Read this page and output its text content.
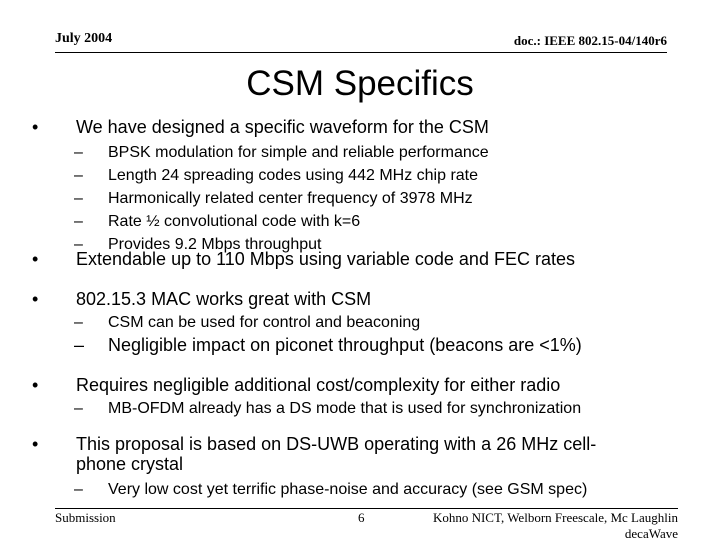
July 2004	doc.: IEEE 802.15-04/140r6
CSM Specifics
•	We have designed a specific waveform for the CSM
–	BPSK modulation for simple and reliable performance
–	Length 24 spreading codes using 442 MHz chip rate
–	Harmonically related center frequency of 3978 MHz
–	Rate ½ convolutional code with k=6
–	Provides 9.2 Mbps throughput
•	Extendable up to 110 Mbps using variable code and FEC rates
•	802.15.3 MAC works great with CSM
–	CSM can be used for control and beaconing
–	Negligible impact on piconet throughput (beacons are <1%)
•	Requires negligible additional cost/complexity for either radio
–	MB-OFDM already has a DS mode that is used for synchronization
•	This proposal is based on DS-UWB operating with a 26 MHz cell-
phone crystal
–	Very low cost yet terrific phase-noise and accuracy (see GSM spec)
Submission	6	Kohno NICT, Welborn Freescale, Mc Laughlin
decaWave
